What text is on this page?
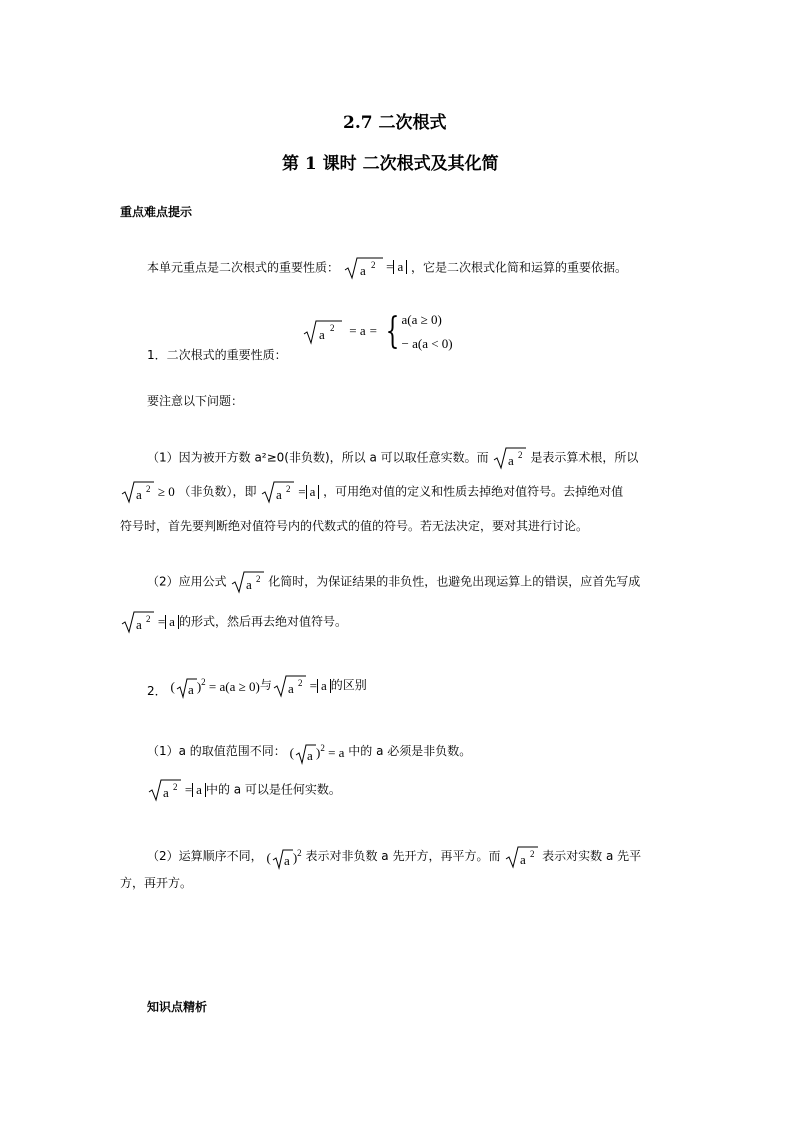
2.7 二次根式
第 1 课时 二次根式及其化简
重点难点提示
本单元重点是二次根式的重要性质： a 2 = a ，它是二次根式化简和运算的重要依据。
1．二次根式的重要性质：
a 2 = a = { a(a ≥ 0)
− a(a < 0)
要注意以下问题：
（1）因为被开方数 a²≥0(非负数)，所以 a 可以取任意实数。而 a 2 是表示算术根，所以
a 2 ≥ 0 （非负数），即 a 2 = a ，可用绝对值的定义和性质去掉绝对值符号。去掉绝对值
符号时，首先要判断绝对值符号内的代数式的值的符号。若无法决定，要对其进行讨论。
（2）应用公式 a 2 化简时，为保证结果的非负性，也避免出现运算上的错误，应首先写成
a 2 = a 的形式，然后再去绝对值符号。
2． ( a )$^2$ = a(a ≥ 0)与 a 2 = a 的区别
（1）a 的取值范围不同： ( a )$^2$ = a 中的 a 必须是非负数。
a 2 = a 中的 a 可以是任何实数。
（2）运算顺序不同， ( a )$^2$ 表示对非负数 a 先开方，再平方。而 a 2 表示对实数 a 先平
方，再开方。
知识点精析
